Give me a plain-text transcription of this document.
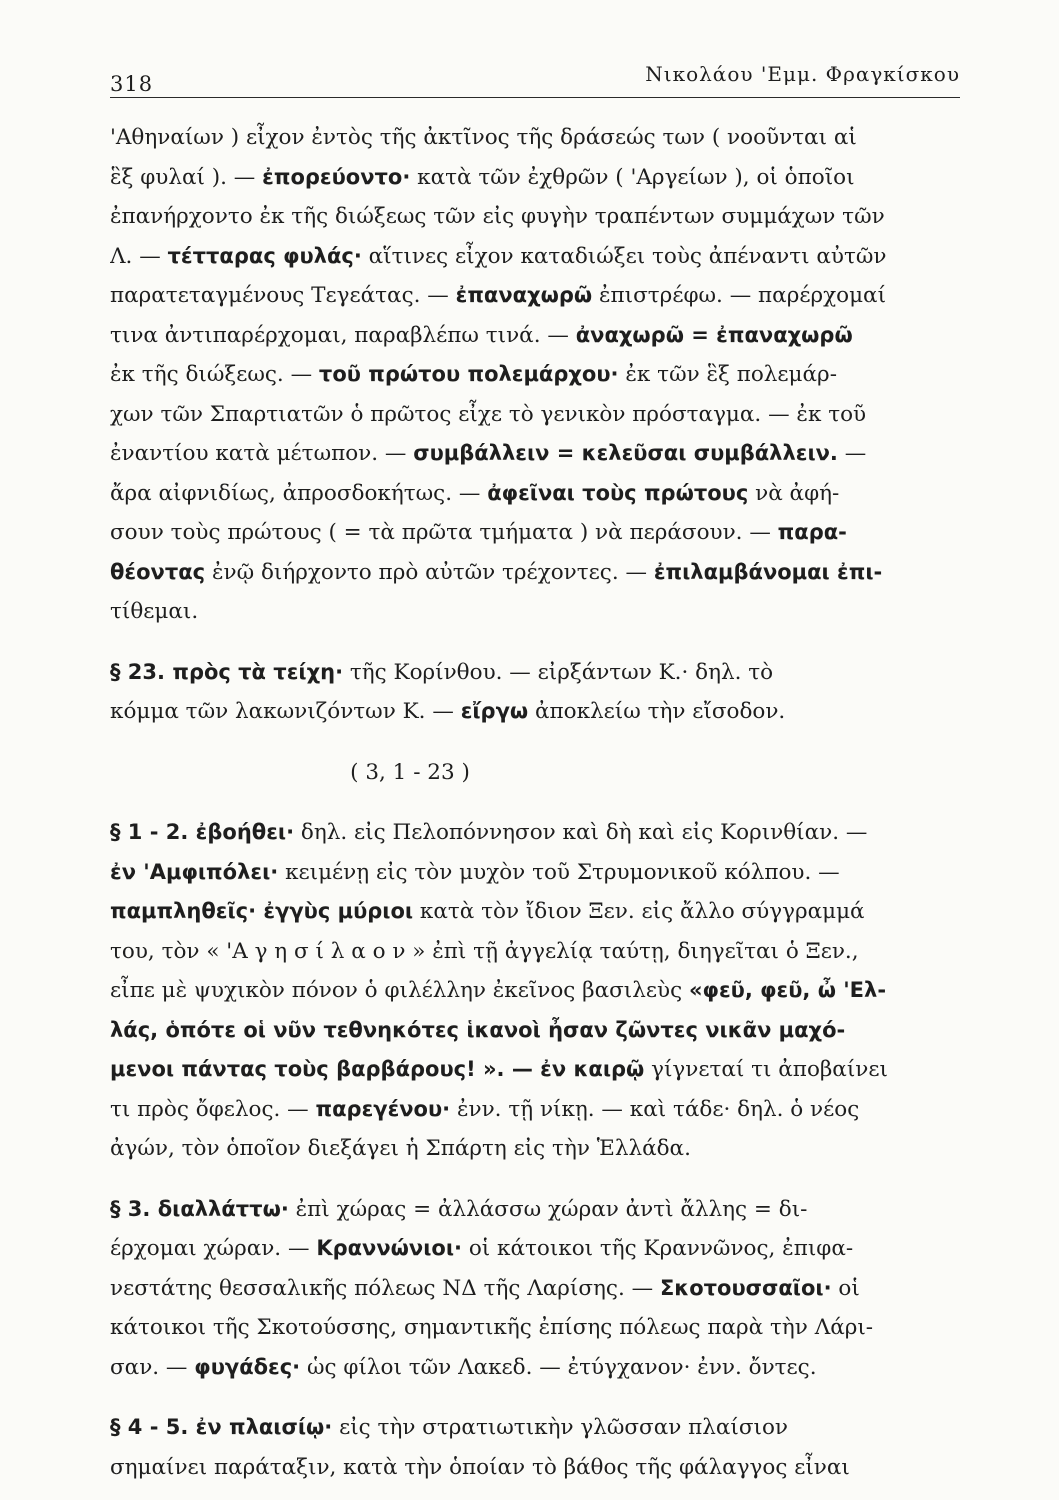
318	Νικολάου 'Εμμ. Φραγκίσκου
'Αθηναίων ) εἶχον ἐντὸς τῆς ἀκτῖνος τῆς δράσεώς των ( νοοῦνται αἱ
ἓξ φυλαί ). — ἐπορεύοντο· κατὰ τῶν ἐχθρῶν ( 'Αργείων ), οἱ ὁποῖοι
ἐπανήρχοντο ἐκ τῆς διώξεως τῶν εἰς φυγὴν τραπέντων συμμάχων τῶν
Λ. — τέτταρας φυλάς· αἵτινες εἶχον καταδιώξει τοὺς ἀπέναντι αὐτῶν
παρατεταγμένους Τεγεάτας. — ἐπαναχωρῶ ἐπιστρέφω. — παρέρχομαί
τινα ἀντιπαρέρχομαι, παραβλέπω τινά. — ἀναχωρῶ = ἐπαναχωρῶ
ἐκ τῆς διώξεως. — τοῦ πρώτου πολεμάρχου· ἐκ τῶν ἓξ πολεμάρ-
χων τῶν Σπαρτιατῶν ὁ πρῶτος εἶχε τὸ γενικὸν πρόσταγμα. — ἐκ τοῦ
ἐναντίου κατὰ μέτωπον. — συμβάλλειν = κελεῦσαι συμβάλλειν. —
ἄρα αἰφνιδίως, ἀπροσδοκήτως. — ἀφεῖναι τοὺς πρώτους νὰ ἀφή-
σουν τοὺς πρώτους ( = τὰ πρῶτα τμήματα ) νὰ περάσουν. — παρα-
θέοντας ἐνῷ διήρχοντο πρὸ αὐτῶν τρέχοντες. — ἐπιλαμβάνομαι ἐπι-
τίθεμαι.
§ 23. πρὸς τὰ τείχη· τῆς Κορίνθου. — εἰρξάντων Κ.· δηλ. τὸ
κόμμα τῶν λακωνιζόντων Κ. — εἴργω ἀποκλείω τὴν εἴσοδον.
( 3, 1 - 23 )
§ 1 - 2. ἐβοήθει· δηλ. εἰς Πελοπόννησον καὶ δὴ καὶ εἰς Κορινθίαν. —
ἐν 'Αμφιπόλει· κειμένῃ εἰς τὸν μυχὸν τοῦ Στρυμονικοῦ κόλπου. —
παμπληθεῖς· ἐγγὺς μύριοι κατὰ τὸν ἴδιον Ξεν. εἰς ἄλλο σύγγραμμά
του, τὸν « 'Α γ η σ ί λ α ο ν » ἐπὶ τῇ ἀγγελίᾳ ταύτῃ, διηγεῖται ὁ Ξεν.,
εἶπε μὲ ψυχικὸν πόνον ὁ φιλέλλην ἐκεῖνος βασιλεὺς «φεῦ, φεῦ, ὦ 'Ελ-
λάς, ὁπότε οἱ νῦν τεθνηκότες ἱκανοὶ ἦσαν ζῶντες νικᾶν μαχό-
μενοι πάντας τοὺς βαρβάρους! ». — ἐν καιρῷ γίγνεταί τι ἀποβαίνει
τι πρὸς ὄφελος. — παρεγένου· ἐνν. τῇ νίκῃ. — καὶ τάδε· δηλ. ὁ νέος
ἀγών, τὸν ὁποῖον διεξάγει ἡ Σπάρτη εἰς τὴν Ἑλλάδα.
§ 3. διαλλάττω· ἐπὶ χώρας = ἀλλάσσω χώραν ἀντὶ ἄλλης = δι-
έρχομαι χώραν. — Κραννώνιοι· οἱ κάτοικοι τῆς Κραννῶνος, ἐπιφα-
νεστάτης θεσσαλικῆς πόλεως ΝΔ τῆς Λαρίσης. — Σκοτουσσαῖοι· οἱ
κάτοικοι τῆς Σκοτούσσης, σημαντικῆς ἐπίσης πόλεως παρὰ τὴν Λάρι-
σαν. — φυγάδες· ὡς φίλοι τῶν Λακεδ. — ἐτύγχανον· ἐνν. ὄντες.
§ 4 - 5. ἐν πλαισίῳ· εἰς τὴν στρατιωτικὴν γλῶσσαν πλαίσιον
σημαίνει παράταξιν, κατὰ τὴν ὁποίαν τὸ βάθος τῆς φάλαγγος εἶναι
